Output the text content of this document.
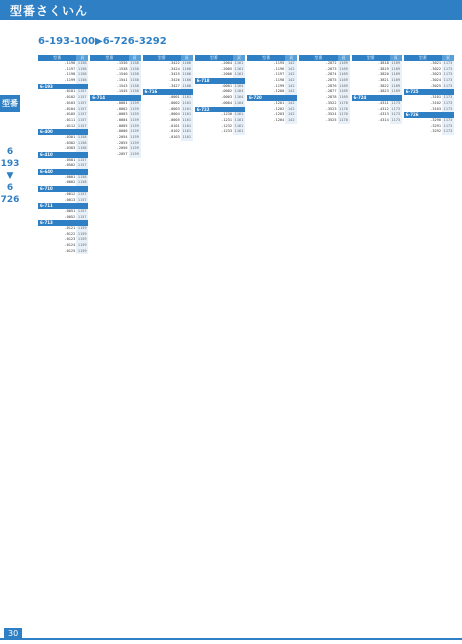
型番さくいん
6-193-100▶6-726-3292
型番
6
193
▼
6
726
型番	頁
-1196 1158
-1197 1158
-1198 1158
-1199 1158
6-193
-0101 1157
-0102 1157
-0103 1157
-0104 1157
-0105 1157
-0111 1157
-0112 1157
6-400
-0301 1158
-0302 1158
-0303 1158
6-410
-0501 1157
-0502 1157
6-640
-0001 1158
-0002 1158
6-710
-0012 1157
-0013 1157
6-711
-0051 1157
-0052 1157
6-713
-0121 1159
-0122 1159
-0123 1159
-0124 1159
-0125 1159
型番	頁
-1536 1158
-1538 1158
-1540 1158
-1541 1158
-1543 1158
-1545 1158
6-714
-0001 1159
-0002 1159
-0003 1159
-0004 1159
-0005 1159
-0006 1159
-2054 1159
-2055 1159
-2056 1159
-2057 1159
型番	頁
-3422 1166
-3424 1166
-3425 1166
-3426 1166
-3427 1166
6-716
-0001 1161
-0002 1161
-0003 1161
-0004 1161
-0005 1161
-0101 1161
-0102 1161
-0103 1161
型番	頁
-2004 1161
-2005 1161
-2006 1161
6-718
-0001 1164
-0002 1164
-0003 1164
-0004 1164
6-722
-1230 1161
-1231 1161
-1232 1161
-1233 1161
型番	頁
-1195	142
-1196	142
-1197	142
-1198	142
-1199	142
-1200	142
6-720
-1201	142
-1202	142
-1203	142
-1204	142
型番	頁
-2872 1169
-2873 1169
-2874 1169
-2875 1169
-2876 1169
-2877 1169
-2878 1169
-3522 1170
-3523 1170
-3524 1170
-3525 1170
型番	頁
-3818 1169
-3819 1169
-3820 1169
-3821 1169
-3822 1169
-3823 1169
6-724
-4311 1173
-4312 1173
-4313 1173
-4314 1173
型番	頁
-3021 1173
-3022 1173
-3023 1173
-3024 1173
-3025 1173
6-725
-3101 1173
-3102 1173
-3103 1173
6-726
-3290 1173
-3291 1173
-3292 1173
30
